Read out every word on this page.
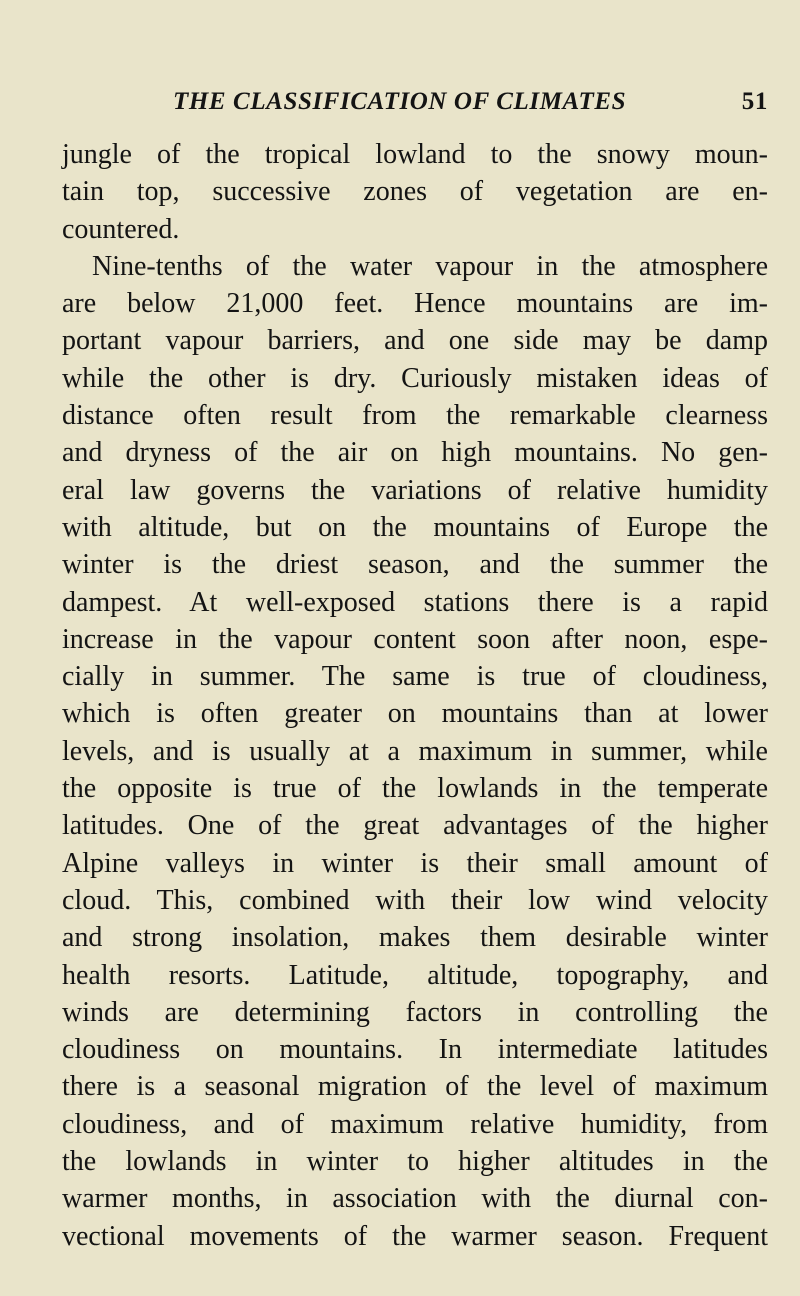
THE CLASSIFICATION OF CLIMATES	51
jungle of the tropical lowland to the snowy moun-
tain top, successive zones of vegetation are en-
countered.
Nine-tenths of the water vapour in the atmosphere
are below 21,000 feet. Hence mountains are im-
portant vapour barriers, and one side may be damp
while the other is dry. Curiously mistaken ideas of
distance often result from the remarkable clearness
and dryness of the air on high mountains. No gen-
eral law governs the variations of relative humidity
with altitude, but on the mountains of Europe the
winter is the driest season, and the summer the
dampest. At well-exposed stations there is a rapid
increase in the vapour content soon after noon, espe-
cially in summer. The same is true of cloudiness,
which is often greater on mountains than at lower
levels, and is usually at a maximum in summer, while
the opposite is true of the lowlands in the temperate
latitudes. One of the great advantages of the higher
Alpine valleys in winter is their small amount of
cloud. This, combined with their low wind velocity
and strong insolation, makes them desirable winter
health resorts. Latitude, altitude, topography, and
winds are determining factors in controlling the
cloudiness on mountains. In intermediate latitudes
there is a seasonal migration of the level of maximum
cloudiness, and of maximum relative humidity, from
the lowlands in winter to higher altitudes in the
warmer months, in association with the diurnal con-
vectional movements of the warmer season. Frequent
